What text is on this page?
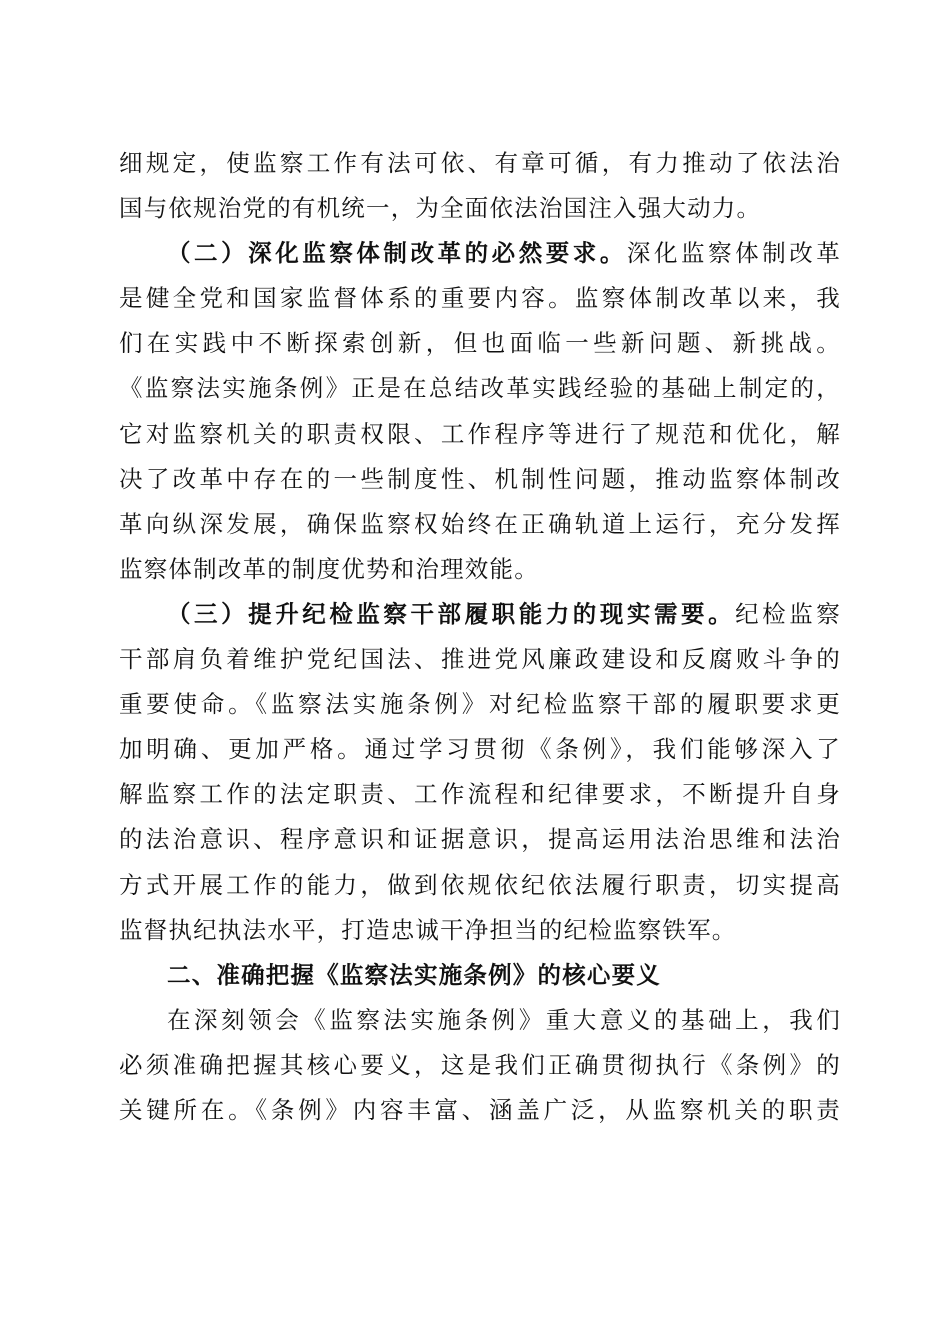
细规定，使监察工作有法可依、有章可循，有力推动了依法治
国与依规治党的有机统一，为全面依法治国注入强大动力。
（二）深化监察体制改革的必然要求。深化监察体制改革
是健全党和国家监督体系的重要内容。监察体制改革以来，我
们在实践中不断探索创新，但也面临一些新问题、新挑战。
《监察法实施条例》正是在总结改革实践经验的基础上制定的，
它对监察机关的职责权限、工作程序等进行了规范和优化，解
决了改革中存在的一些制度性、机制性问题，推动监察体制改
革向纵深发展，确保监察权始终在正确轨道上运行，充分发挥
监察体制改革的制度优势和治理效能。
（三）提升纪检监察干部履职能力的现实需要。纪检监察
干部肩负着维护党纪国法、推进党风廉政建设和反腐败斗争的
重要使命。《监察法实施条例》对纪检监察干部的履职要求更
加明确、更加严格。通过学习贯彻《条例》，我们能够深入了
解监察工作的法定职责、工作流程和纪律要求，不断提升自身
的法治意识、程序意识和证据意识，提高运用法治思维和法治
方式开展工作的能力，做到依规依纪依法履行职责，切实提高
监督执纪执法水平，打造忠诚干净担当的纪检监察铁军。
二、准确把握《监察法实施条例》的核心要义
在深刻领会《监察法实施条例》重大意义的基础上，我们
必须准确把握其核心要义，这是我们正确贯彻执行《条例》的
关键所在。《条例》内容丰富、涵盖广泛，从监察机关的职责
